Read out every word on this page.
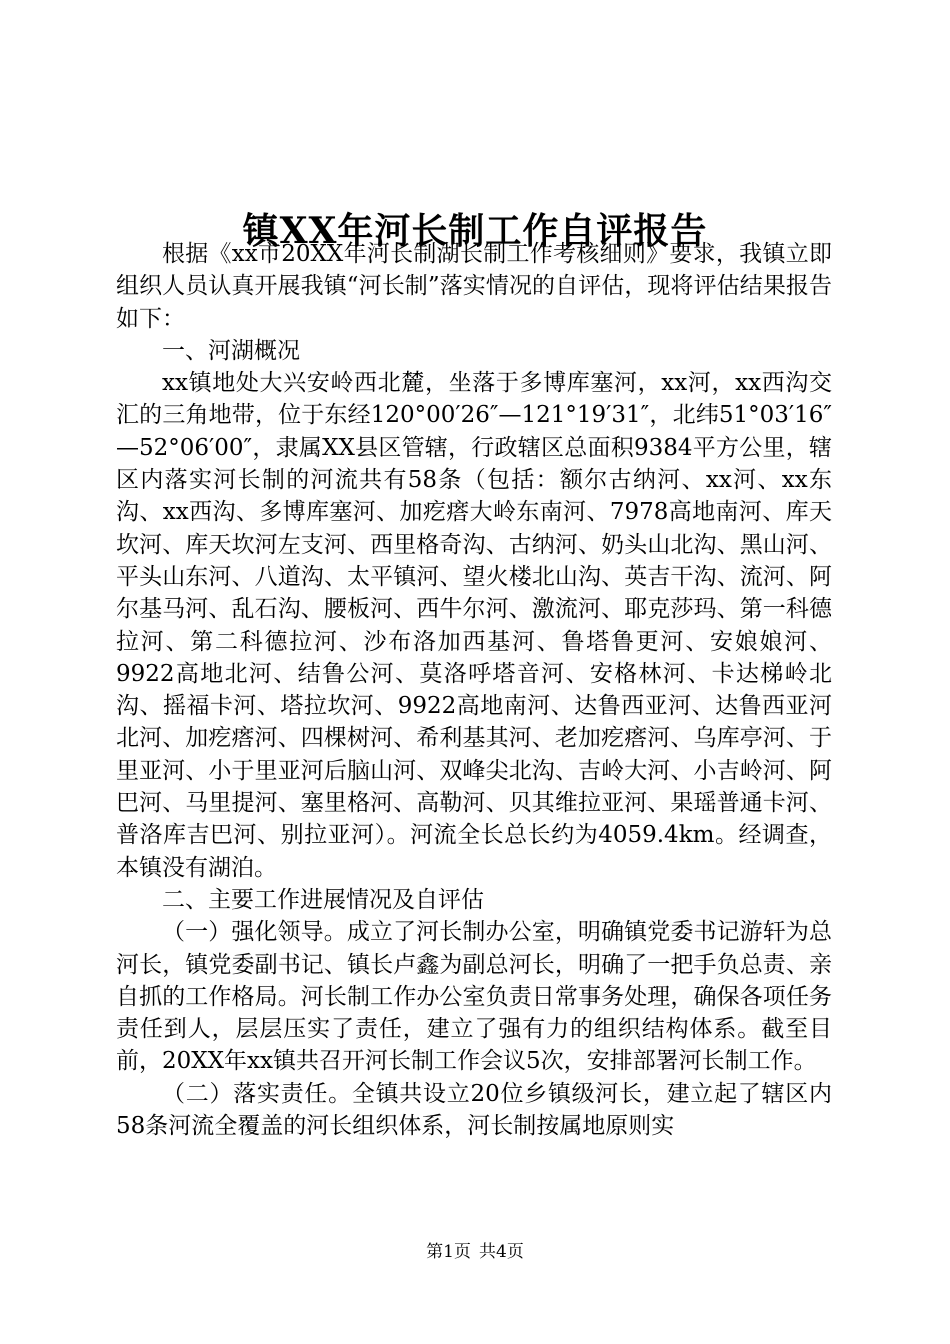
镇XX年河长制工作自评报告

根据《xx市20XX年河长制湖长制工作考核细则》要求，我镇立即组织人员认真开展我镇“河长制”落实情况的自评估，现将评估结果报告如下：

一、河湖概况

xx镇地处大兴安岭西北麓，坐落于多博库塞河，xx河，xx西沟交汇的三角地带，位于东经120°00′26″—121°19′31″，北纬51°03′16″—52°06′00″，隶属XX县区管辖，行政辖区总面积9384平方公里，辖区内落实河长制的河流共有58条（包括：额尔古纳河、xx河、xx东沟、xx西沟、多博库塞河、加疙瘩大岭东南河、7978高地南河、库天坎河、库天坎河左支河、西里格奇沟、古纳河、奶头山北沟、黑山河、平头山东河、八道沟、太平镇河、望火楼北山沟、英吉干沟、流河、阿尔基马河、乱石沟、腰板河、西牛尔河、激流河、耶克莎玛、第一科德拉河、第二科德拉河、沙布洛加西基河、鲁塔鲁更河、安娘娘河、9922高地北河、结鲁公河、莫洛呼塔音河、安格林河、卡达梯岭北沟、摇福卡河、塔拉坎河、9922高地南河、达鲁西亚河、达鲁西亚河北河、加疙瘩河、四棵树河、希利基其河、老加疙瘩河、乌库亭河、于里亚河、小于里亚河后脑山河、双峰尖北沟、吉岭大河、小吉岭河、阿巴河、马里提河、塞里格河、高勒河、贝其维拉亚河、果瑶普通卡河、普洛库吉巴河、别拉亚河）。河流全长总长约为4059.4km。经调查，本镇没有湖泊。

二、主要工作进展情况及自评估

（一）强化领导。成立了河长制办公室，明确镇党委书记游轩为总河长，镇党委副书记、镇长卢鑫为副总河长，明确了一把手负总责、亲自抓的工作格局。河长制工作办公室负责日常事务处理，确保各项任务责任到人，层层压实了责任，建立了强有力的组织结构体系。截至目前，20XX年xx镇共召开河长制工作会议5次，安排部署河长制工作。

（二）落实责任。全镇共设立20位乡镇级河长，建立起了辖区内58条河流全覆盖的河长组织体系，河长制按属地原则实

第1页 共4页
